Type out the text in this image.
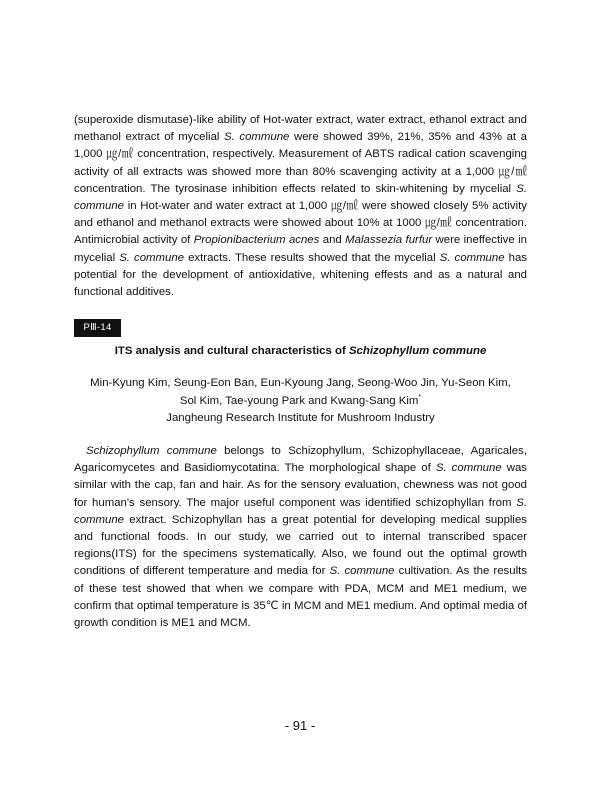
(superoxide dismutase)-like ability of Hot-water extract, water extract, ethanol extract and methanol extract of mycelial S. commune were showed 39%, 21%, 35% and 43% at a 1,000 ㎍/㎖ concentration, respectively. Measurement of ABTS radical cation scavenging activity of all extracts was showed more than 80% scavenging activity at a 1,000 ㎍/㎖ concentration. The tyrosinase inhibition effects related to skin-whitening by mycelial S. commune in Hot-water and water extract at 1,000 ㎍/㎖ were showed closely 5% activity and ethanol and methanol extracts were showed about 10% at 1000 ㎍/㎖ concentration. Antimicrobial activity of Propionibacterium acnes and Malassezia furfur were ineffective in mycelial S. commune extracts. These results showed that the mycelial S. commune has potential for the development of antioxidative, whitening effests and as a natural and functional additives.

PⅢ-14
ITS analysis and cultural characteristics of Schizophyllum commune
Min-Kyung Kim, Seung-Eon Ban, Eun-Kyoung Jang, Seong-Woo Jin, Yu-Seon Kim,
Sol Kim, Tae-young Park and Kwang-Sang Kim*
Jangheung Research Institute for Mushroom Industry

Schizophyllum commune belongs to Schizophyllum, Schizophyllaceae, Agaricales, Agaricomycetes and Basidiomycotatina. The morphological shape of S. commune was similar with the cap, fan and hair. As for the sensory evaluation, chewness was not good for human's sensory. The major useful component was identified schizophyllan from S. commune extract. Schizophyllan has a great potential for developing medical supplies and functional foods. In our study, we carried out to internal transcribed spacer regions(ITS) for the specimens systematically. Also, we found out the optimal growth conditions of different temperature and media for S. commune cultivation. As the results of these test showed that when we compare with PDA, MCM and ME1 medium, we confirm that optimal temperature is 35℃ in MCM and ME1 medium. And optimal media of growth condition is ME1 and MCM.

- 91 -
